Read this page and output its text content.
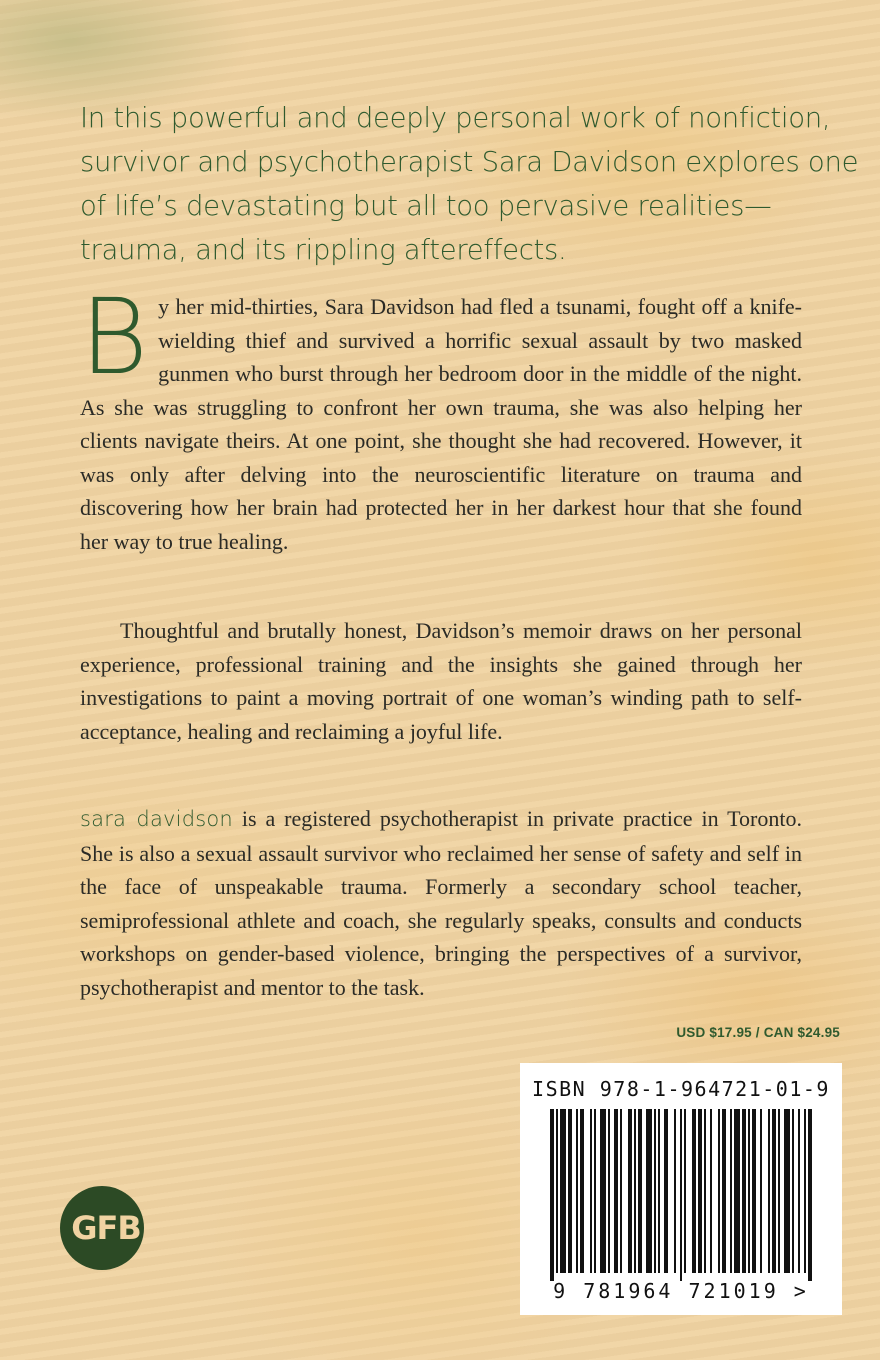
In this powerful and deeply personal work of nonfiction, survivor and psychotherapist Sara Davidson explores one of life’s devastating but all too pervasive realities—trauma, and its rippling aftereffects.

By her mid-thirties, Sara Davidson had fled a tsunami, fought off a knife-wielding thief and survived a horrific sexual assault by two masked gunmen who burst through her bedroom door in the middle of the night. As she was struggling to confront her own trauma, she was also helping her clients navigate theirs. At one point, she thought she had recovered. However, it was only after delving into the neuroscientific literature on trauma and discovering how her brain had protected her in her darkest hour that she found her way to true healing.

Thoughtful and brutally honest, Davidson’s memoir draws on her personal experience, professional training and the insights she gained through her investigations to paint a moving portrait of one woman’s winding path to self-acceptance, healing and reclaiming a joyful life.

sara davidson is a registered psychotherapist in private practice in Toronto. She is also a sexual assault survivor who reclaimed her sense of safety and self in the face of unspeakable trauma. Formerly a secondary school teacher, semiprofessional athlete and coach, she regularly speaks, consults and conducts workshops on gender-based violence, bringing the perspectives of a survivor, psychotherapist and mentor to the task.

USD $17.95 / CAN $24.95
ISBN 978-1-964721-01-9
9 781964 721019 >
GFB
